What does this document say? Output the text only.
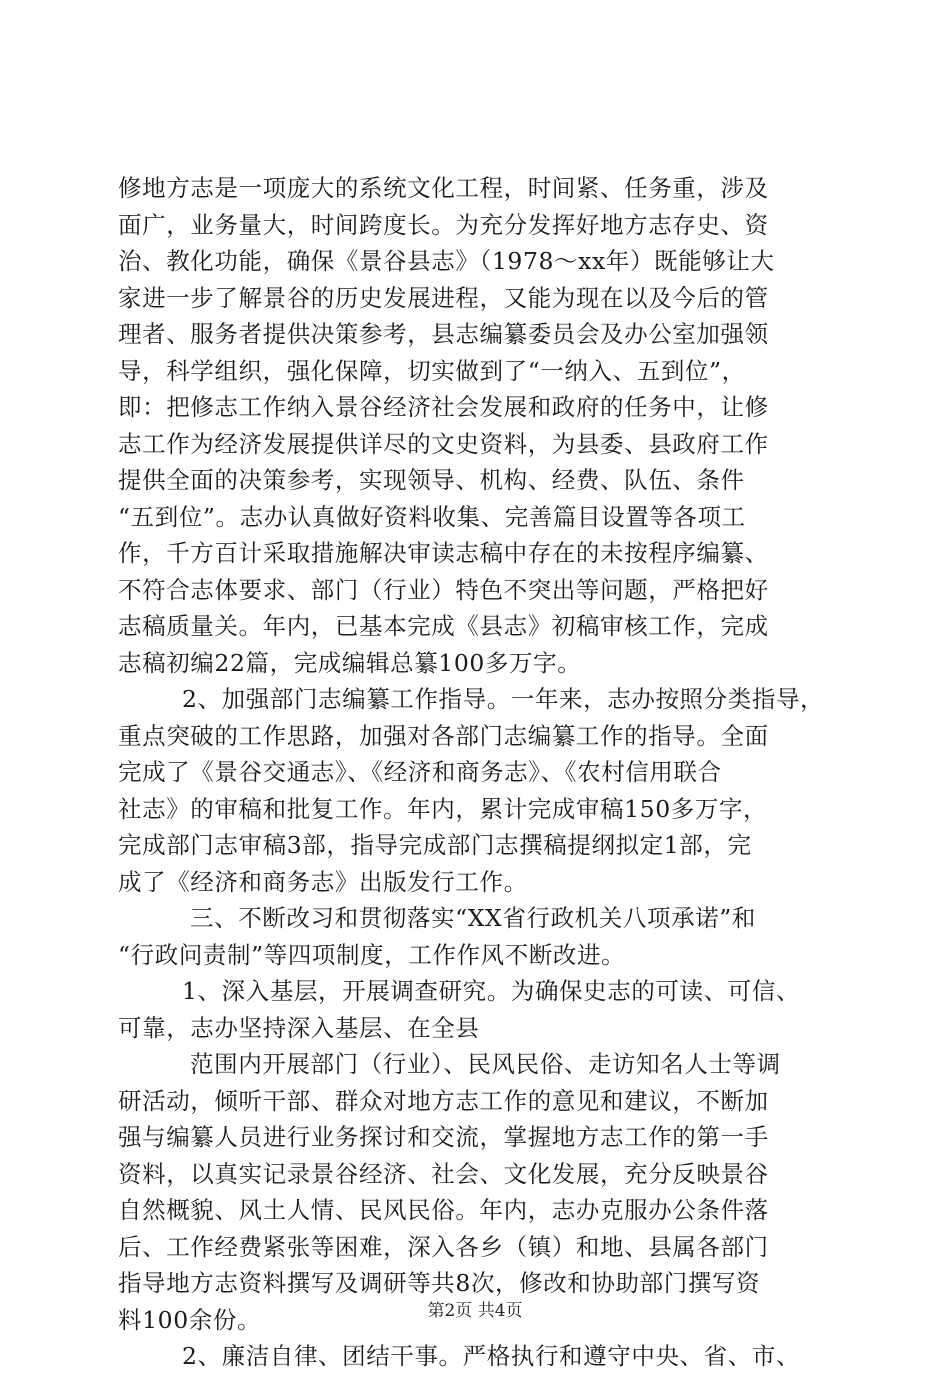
修地方志是一项庞大的系统文化工程，时间紧、任务重，涉及
面广，业务量大，时间跨度长。为充分发挥好地方志存史、资
治、教化功能，确保《景谷县志》（1978～xx年）既能够让大
家进一步了解景谷的历史发展进程，又能为现在以及今后的管
理者、服务者提供决策参考，县志编纂委员会及办公室加强领
导，科学组织，强化保障，切实做到了“一纳入、五到位”，
即：把修志工作纳入景谷经济社会发展和政府的任务中，让修
志工作为经济发展提供详尽的文史资料，为县委、县政府工作
提供全面的决策参考，实现领导、机构、经费、队伍、条件
“五到位”。志办认真做好资料收集、完善篇目设置等各项工
作，千方百计采取措施解决审读志稿中存在的未按程序编纂、
不符合志体要求、部门（行业）特色不突出等问题，严格把好
志稿质量关。年内，已基本完成《县志》初稿审核工作，完成
志稿初编22篇，完成编辑总纂100多万字。
2、加强部门志编纂工作指导。一年来，志办按照分类指导，
重点突破的工作思路，加强对各部门志编纂工作的指导。全面
完成了《景谷交通志》、《经济和商务志》、《农村信用联合
社志》的审稿和批复工作。年内，累计完成审稿150多万字，
完成部门志审稿3部，指导完成部门志撰稿提纲拟定1部，完
成了《经济和商务志》出版发行工作。
三、不断改习和贯彻落实“XX省行政机关八项承诺”和
“行政问责制”等四项制度，工作作风不断改进。
1、深入基层，开展调查研究。为确保史志的可读、可信、
可靠，志办坚持深入基层、在全县
范围内开展部门（行业）、民风民俗、走访知名人士等调
研活动，倾听干部、群众对地方志工作的意见和建议，不断加
强与编纂人员进行业务探讨和交流，掌握地方志工作的第一手
资料，以真实记录景谷经济、社会、文化发展，充分反映景谷
自然概貌、风土人情、民风民俗。年内，志办克服办公条件落
后、工作经费紧张等困难，深入各乡（镇）和地、县属各部门
指导地方志资料撰写及调研等共8次，修改和协助部门撰写资
料100余份。
2、廉洁自律、团结干事。严格执行和遵守中央、省、市、
第2页 共4页
